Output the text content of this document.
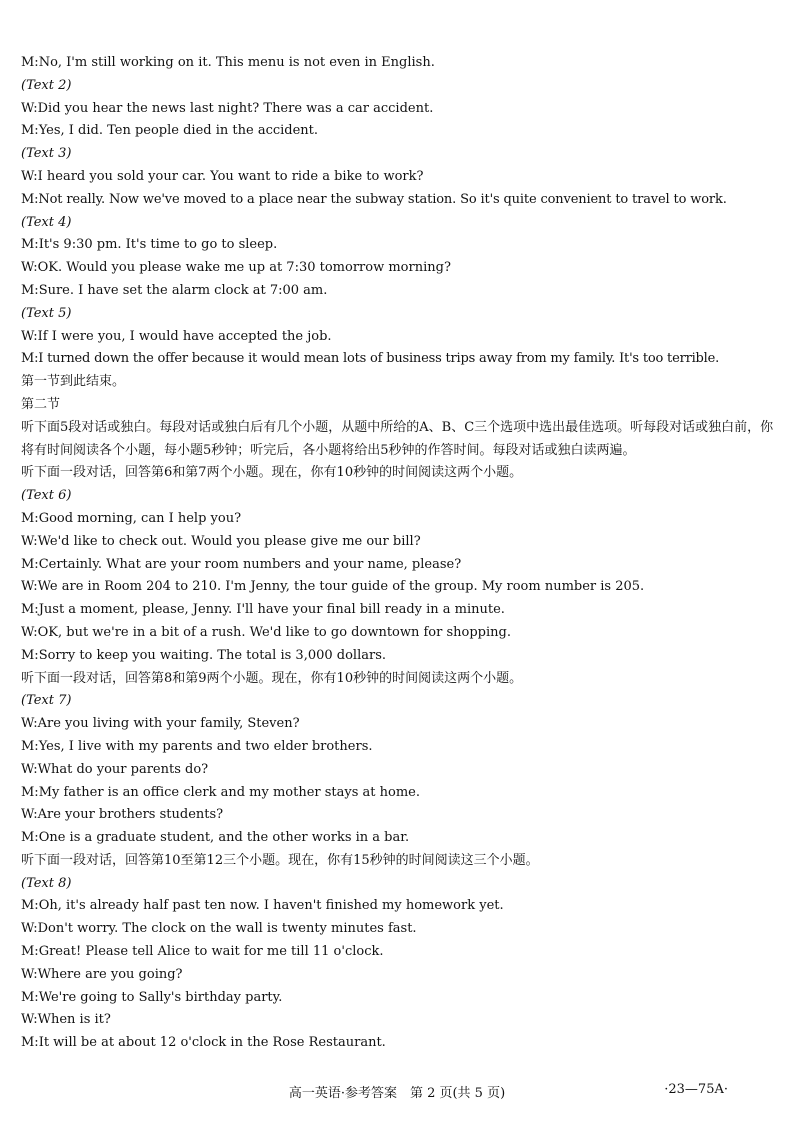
M:No, I'm still working on it. This menu is not even in English.
(Text 2)
W:Did you hear the news last night? There was a car accident.
M:Yes, I did. Ten people died in the accident.
(Text 3)
W:I heard you sold your car. You want to ride a bike to work?
M:Not really. Now we've moved to a place near the subway station. So it's quite convenient to travel to work.
(Text 4)
M:It's 9:30 pm. It's time to go to sleep.
W:OK. Would you please wake me up at 7:30 tomorrow morning?
M:Sure. I have set the alarm clock at 7:00 am.
(Text 5)
W:If I were you, I would have accepted the job.
M:I turned down the offer because it would mean lots of business trips away from my family. It's too terrible.
第一节到此结束。
第二节
听下面5段对话或独白。每段对话或独白后有几个小题，从题中所给的A、B、C三个选项中选出最佳选项。听每段对话或独白前，你将有时间阅读各个小题，每小题5秒钟；听完后，各小题将给出5秒钟的作答时间。每段对话或独白读两遍。
听下面一段对话，回答第6和第7两个小题。现在，你有10秒钟的时间阅读这两个小题。
(Text 6)
M:Good morning, can I help you?
W:We'd like to check out. Would you please give me our bill?
M:Certainly. What are your room numbers and your name, please?
W:We are in Room 204 to 210. I'm Jenny, the tour guide of the group. My room number is 205.
M:Just a moment, please, Jenny. I'll have your final bill ready in a minute.
W:OK, but we're in a bit of a rush. We'd like to go downtown for shopping.
M:Sorry to keep you waiting. The total is 3,000 dollars.
听下面一段对话，回答第8和第9两个小题。现在，你有10秒钟的时间阅读这两个小题。
(Text 7)
W:Are you living with your family, Steven?
M:Yes, I live with my parents and two elder brothers.
W:What do your parents do?
M:My father is an office clerk and my mother stays at home.
W:Are your brothers students?
M:One is a graduate student, and the other works in a bar.
听下面一段对话，回答第10至第12三个小题。现在，你有15秒钟的时间阅读这三个小题。
(Text 8)
M:Oh, it's already half past ten now. I haven't finished my homework yet.
W:Don't worry. The clock on the wall is twenty minutes fast.
M:Great! Please tell Alice to wait for me till 11 o'clock.
W:Where are you going?
M:We're going to Sally's birthday party.
W:When is it?
M:It will be at about 12 o'clock in the Rose Restaurant.
高一英语·参考答案　第 2 页(共 5 页)	·23—75A·
